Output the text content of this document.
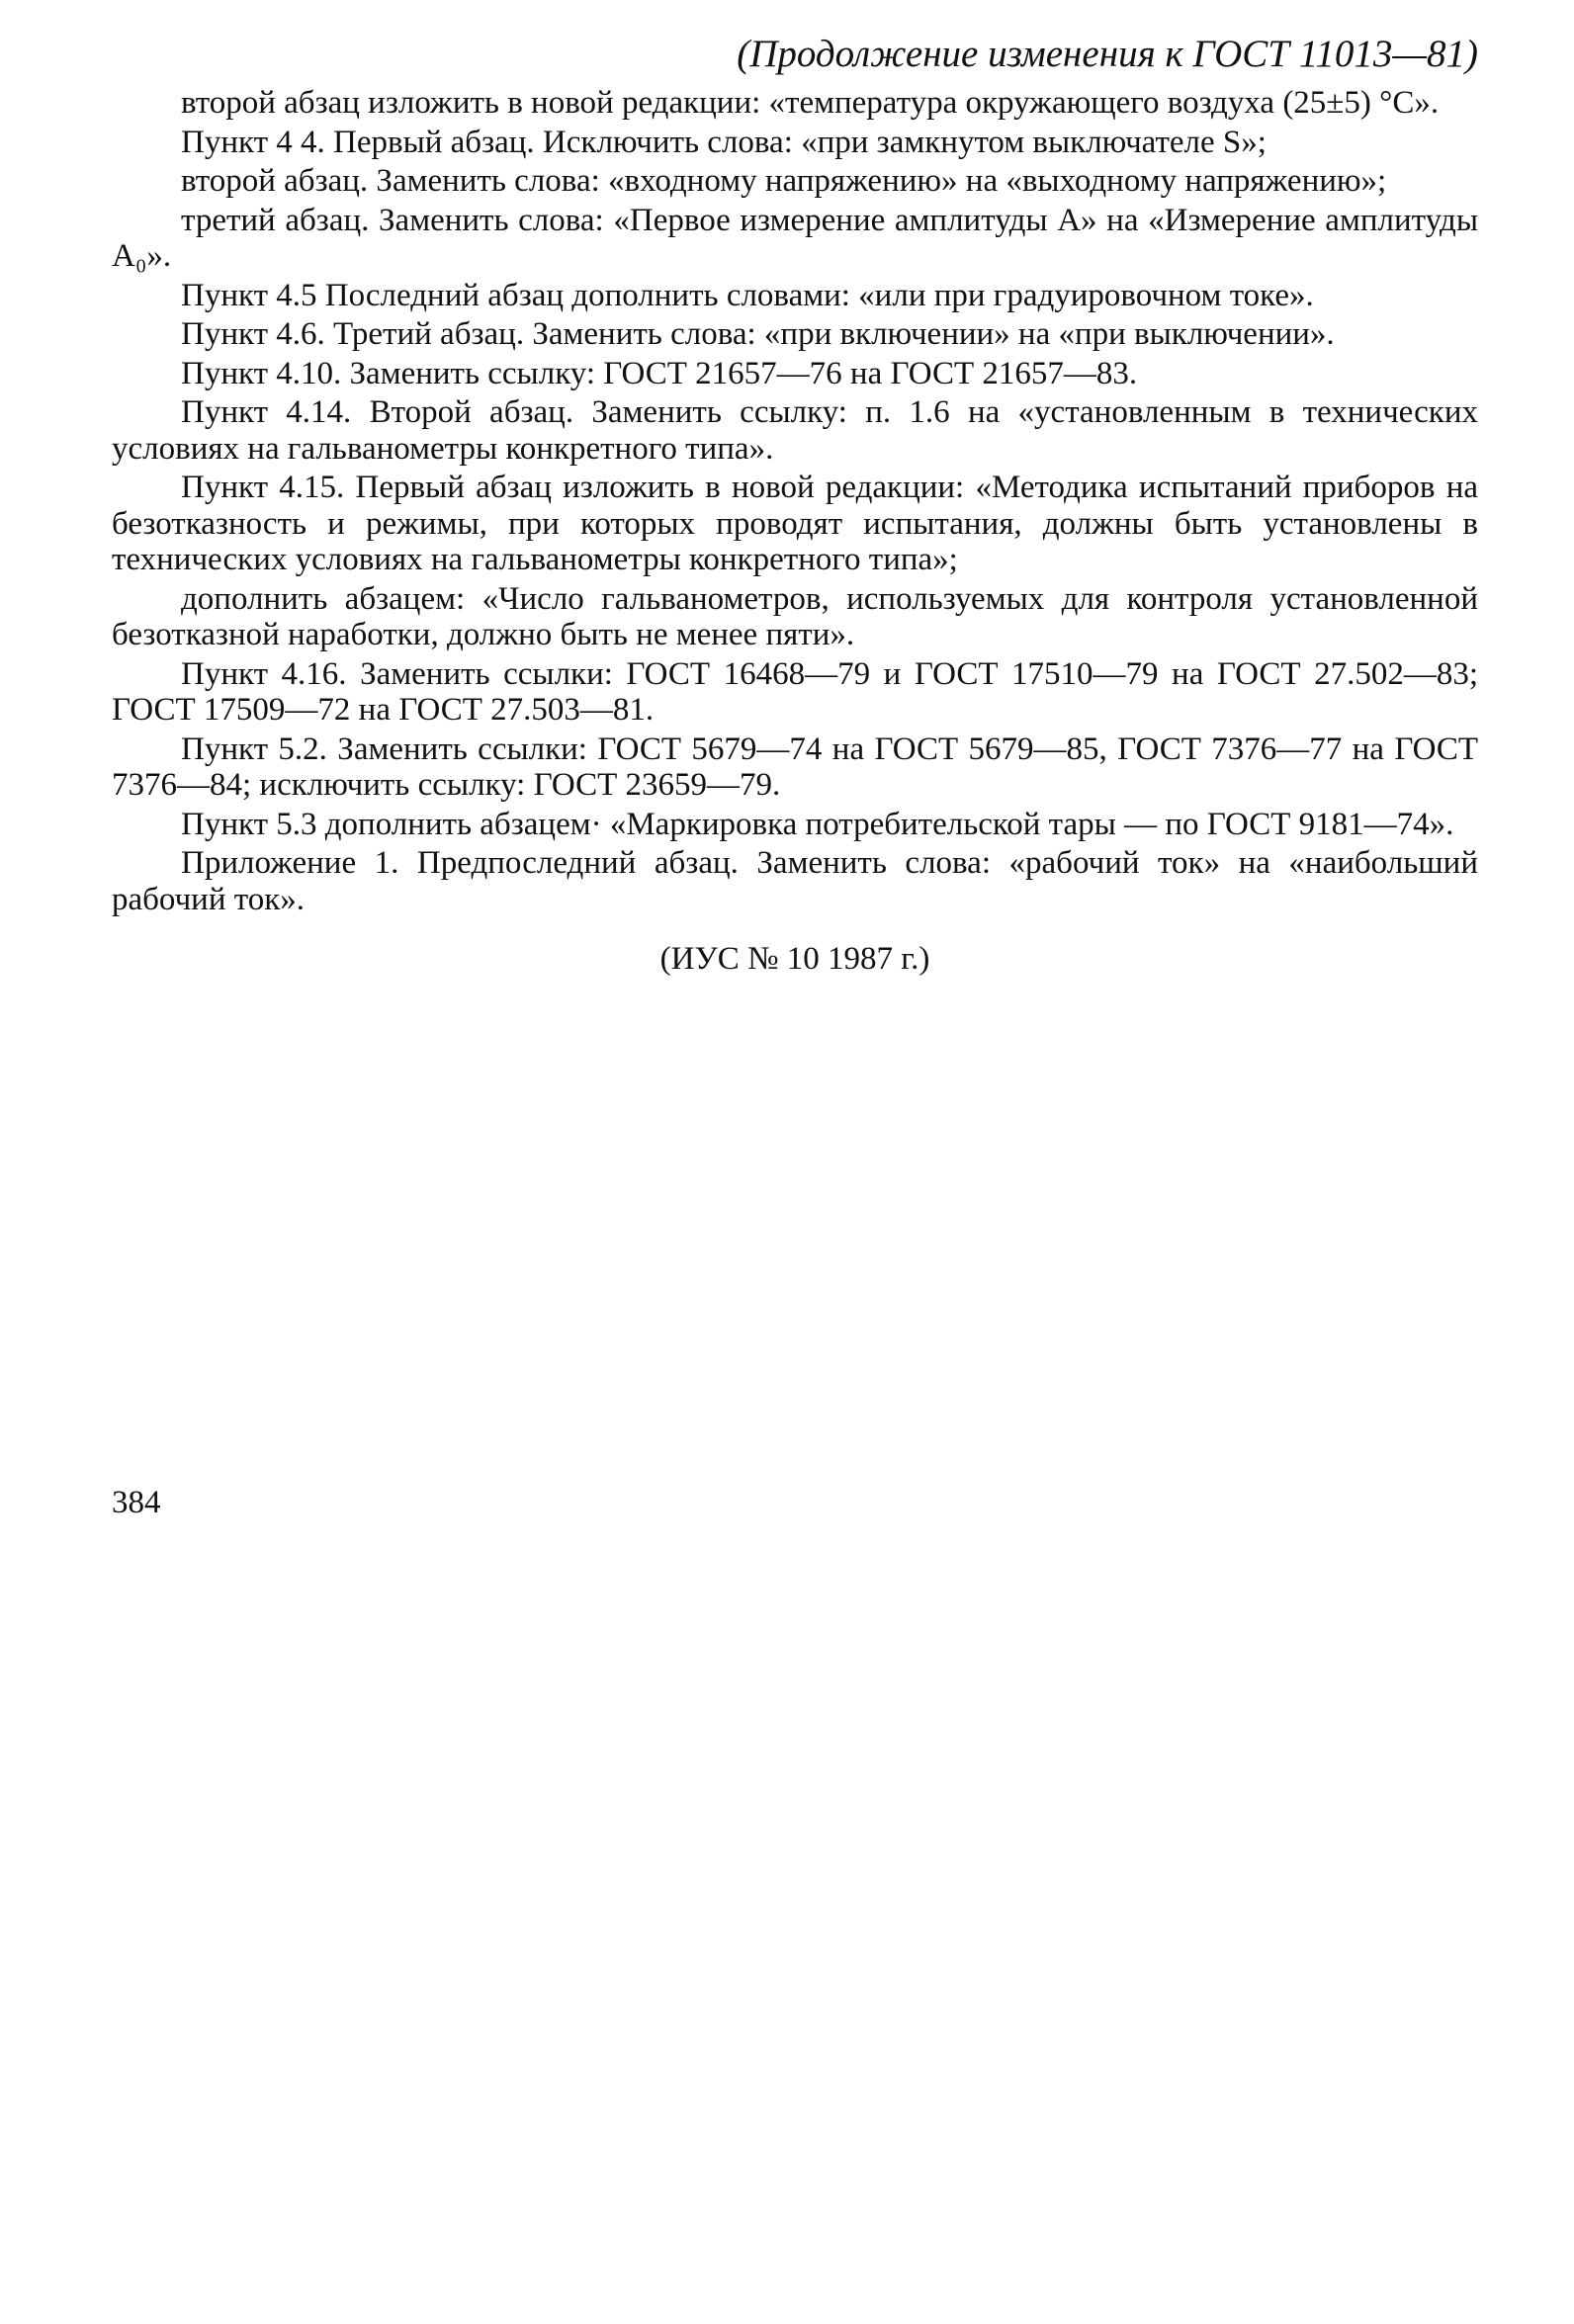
(Продолжение изменения к ГОСТ 11013—81)
второй абзац изложить в новой редакции: «температура окружающего воздуха (25±5) °С».
Пункт 4 4. Первый абзац. Исключить слова: «при замкнутом выключателе S»;
второй абзац. Заменить слова: «входному напряжению» на «выходному напряжению»;
третий абзац. Заменить слова: «Первое измерение амплитуды A» на «Измерение амплитуды A₀».
Пункт 4.5 Последний абзац дополнить словами: «или при градуировочном токе».
Пункт 4.6. Третий абзац. Заменить слова: «при включении» на «при выключении».
Пункт 4.10. Заменить ссылку: ГОСТ 21657—76 на ГОСТ 21657—83.
Пункт 4.14. Второй абзац. Заменить ссылку: п. 1.6 на «установленным в технических условиях на гальванометры конкретного типа».
Пункт 4.15. Первый абзац изложить в новой редакции: «Методика испытаний приборов на безотказность и режимы, при которых проводят испытания, должны быть установлены в технических условиях на гальванометры конкретного типа»;
дополнить абзацем: «Число гальванометров, используемых для контроля установленной безотказной наработки, должно быть не менее пяти».
Пункт 4.16. Заменить ссылки: ГОСТ 16468—79 и ГОСТ 17510—79 на ГОСТ 27.502—83; ГОСТ 17509—72 на ГОСТ 27.503—81.
Пункт 5.2. Заменить ссылки: ГОСТ 5679—74 на ГОСТ 5679—85, ГОСТ 7376—77 на ГОСТ 7376—84; исключить ссылку: ГОСТ 23659—79.
Пункт 5.3 дополнить абзацем· «Маркировка потребительской тары — по ГОСТ 9181—74».
Приложение 1. Предпоследний абзац. Заменить слова: «рабочий ток» на «наибольший рабочий ток».
(ИУС № 10 1987 г.)
384
